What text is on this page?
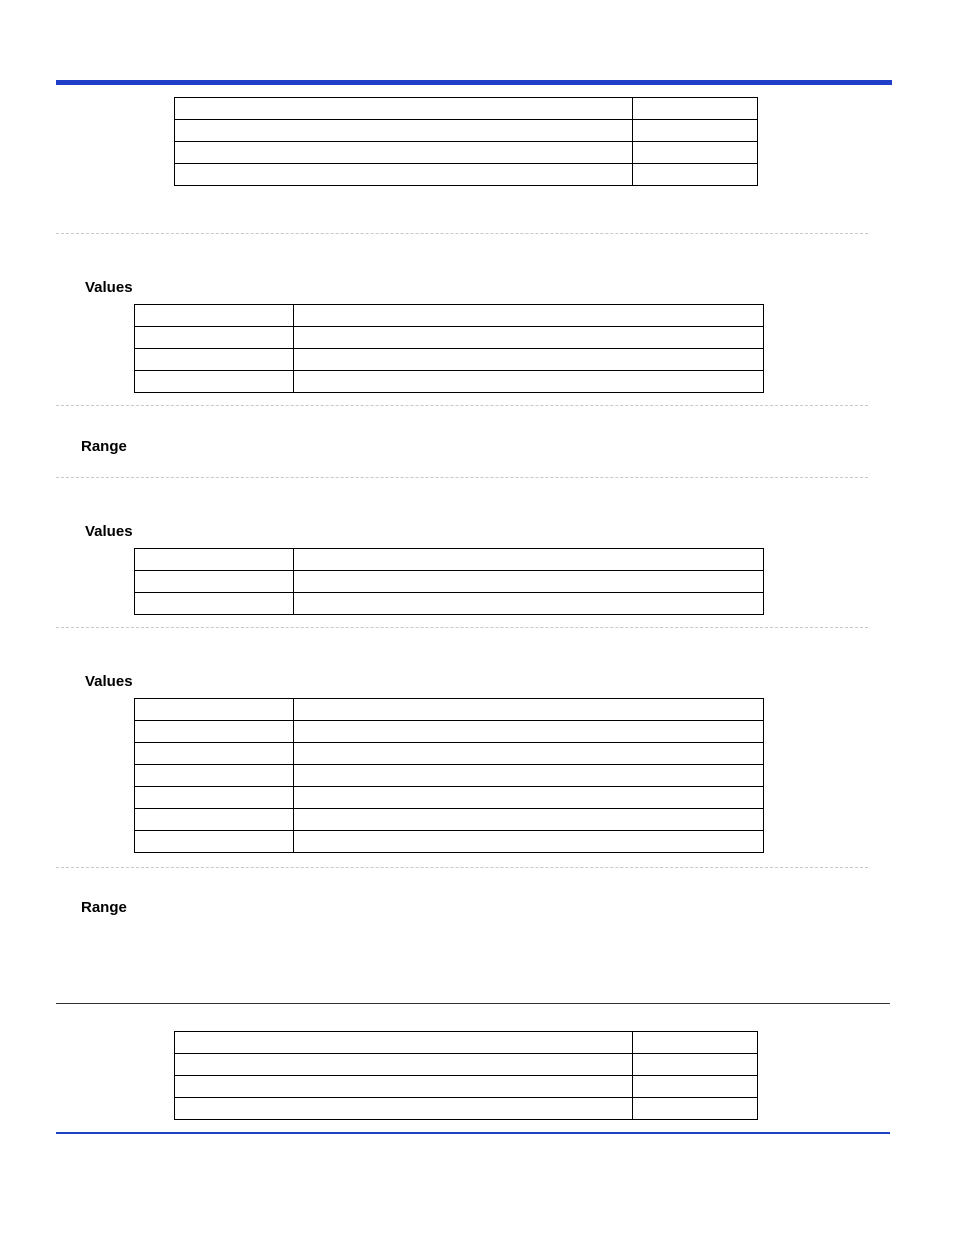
Values

Range
Values

Values

Range
